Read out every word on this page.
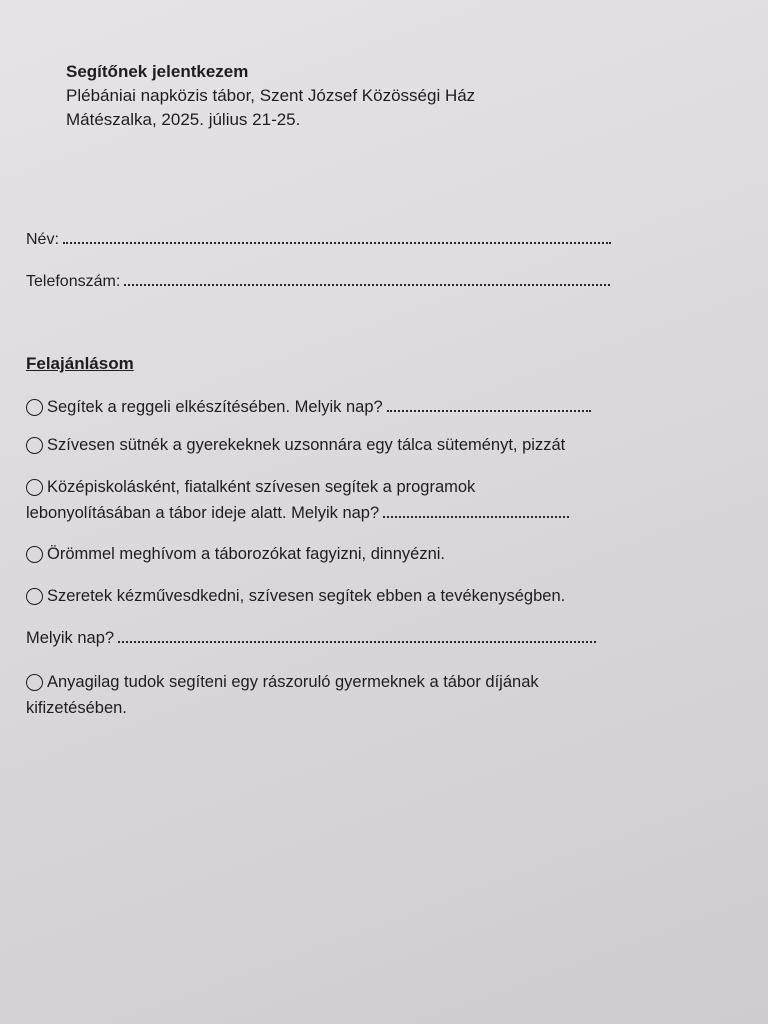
Segítőnek jelentkezem
Plébániai napközis tábor, Szent József Közösségi Ház
Mátészalka, 2025. július 21-25.
Név:
Telefonszám:
Felajánlásom
Segítek a reggeli elkészítésében. Melyik nap?
Szívesen sütnék a gyerekeknek uzsonnára egy tálca süteményt, pizzát
Középiskolásként, fiatalként szívesen segítek a programok
lebonyolításában a tábor ideje alatt. Melyik nap?
Örömmel meghívom a táborozókat fagyizni, dinnyézni.
Szeretek kézművesdkedni, szívesen segítek ebben a tevékenységben.
Melyik nap?
Anyagilag tudok segíteni egy rászoruló gyermeknek a tábor díjának
kifizetésében.
